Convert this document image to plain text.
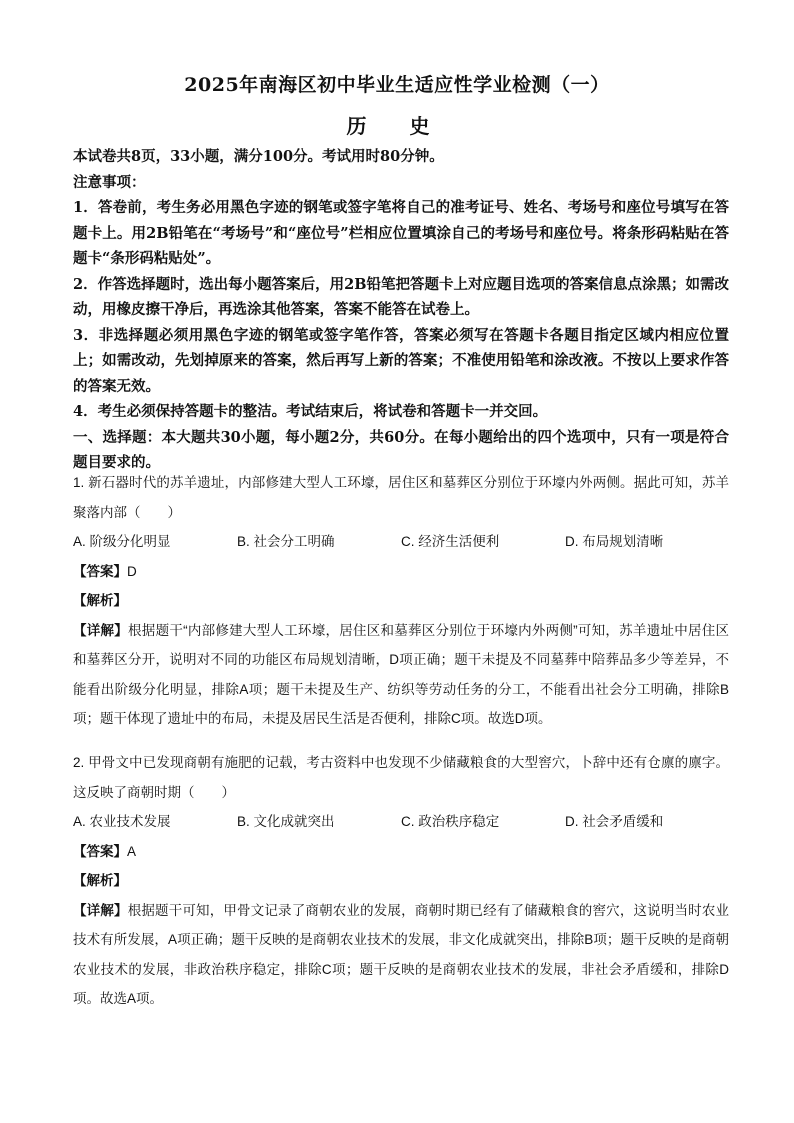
2025年南海区初中毕业生适应性学业检测（一）
历 史
本试卷共8页，33小题，满分100分。考试用时80分钟。
注意事项：
1．答卷前，考生务必用黑色字迹的钢笔或签字笔将自己的准考证号、姓名、考场号和座位号填写在答题卡上。用2B铅笔在“考场号”和“座位号”栏相应位置填涂自己的考场号和座位号。将条形码粘贴在答题卡“条形码粘贴处”。
2．作答选择题时，选出每小题答案后，用2B铅笔把答题卡上对应题目选项的答案信息点涂黑；如需改动，用橡皮擦干净后，再选涂其他答案，答案不能答在试卷上。
3．非选择题必须用黑色字迹的钢笔或签字笔作答，答案必须写在答题卡各题目指定区域内相应位置上；如需改动，先划掉原来的答案，然后再写上新的答案；不准使用铅笔和涂改液。不按以上要求作答的答案无效。
4．考生必须保持答题卡的整洁。考试结束后，将试卷和答题卡一并交回。
一、选择题：本大题共30小题，每小题2分，共60分。在每小题给出的四个选项中，只有一项是符合题目要求的。
1. 新石器时代的苏羊遗址，内部修建大型人工环壕，居住区和墓葬区分别位于环壕内外两侧。据此可知，苏羊聚落内部（　　）
A. 阶级分化明显	B. 社会分工明确	C. 经济生活便利	D. 布局规划清晰
【答案】D
【解析】
【详解】根据题干“内部修建大型人工环壕，居住区和墓葬区分别位于环壕内外两侧”可知，苏羊遗址中居住区和墓葬区分开，说明对不同的功能区布局规划清晰，D项正确；题干未提及不同墓葬中陪葬品多少等差异，不能看出阶级分化明显，排除A项；题干未提及生产、纺织等劳动任务的分工，不能看出社会分工明确，排除B项；题干体现了遗址中的布局，未提及居民生活是否便利，排除C项。故选D项。
2. 甲骨文中已发现商朝有施肥的记载，考古资料中也发现不少储藏粮食的大型窖穴，卜辞中还有仓廪的廪字。这反映了商朝时期（　　）
A. 农业技术发展	B. 文化成就突出	C. 政治秩序稳定	D. 社会矛盾缓和
【答案】A
【解析】
【详解】根据题干可知，甲骨文记录了商朝农业的发展，商朝时期已经有了储藏粮食的窖穴，这说明当时农业技术有所发展，A项正确；题干反映的是商朝农业技术的发展，非文化成就突出，排除B项；题干反映的是商朝农业技术的发展，非政治秩序稳定，排除C项；题干反映的是商朝农业技术的发展，非社会矛盾缓和，排除D项。故选A项。
